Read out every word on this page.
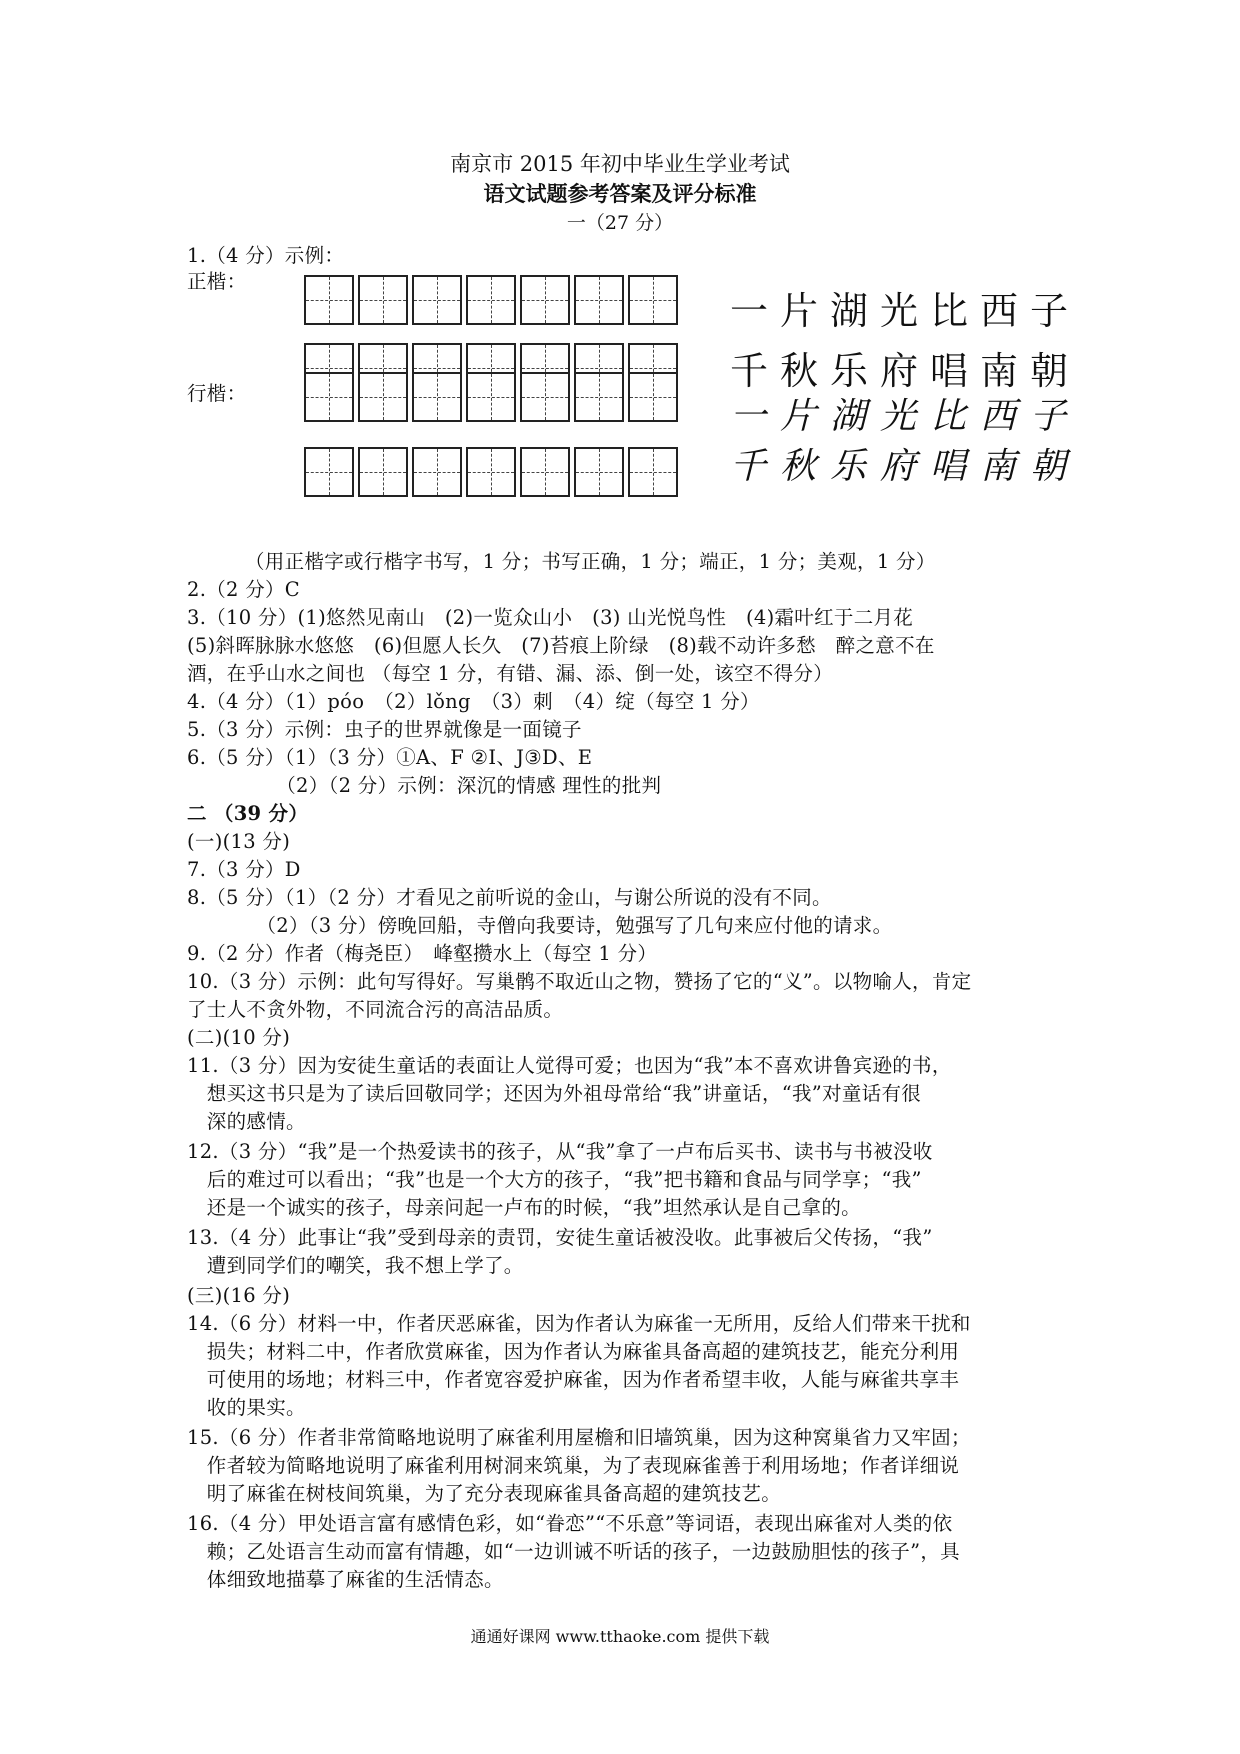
南京市 2015 年初中毕业生学业考试
语文试题参考答案及评分标准
一（27 分）
1.（4 分）示例：
正楷：
行楷：
一片湖光比西子
千秋乐府唱南朝
一片湖光比西子
千秋乐府唱南朝
（用正楷字或行楷字书写，1 分；书写正确，1 分；端正，1 分；美观，1 分）
2.（2 分）C
3.（10 分）(1)悠然见南山　(2)一览众山小　(3) 山光悦鸟性　(4)霜叶红于二月花
(5)斜晖脉脉水悠悠　(6)但愿人长久　(7)苔痕上阶绿　(8)载不动许多愁　醉之意不在
酒，在乎山水之间也 （每空 1 分，有错、漏、添、倒一处，该空不得分）
4.（4 分）（1）póo　（2）lǒng　（3）刺　（4）绽（每空 1 分）
5.（3 分）示例：虫子的世界就像是一面镜子
6.（5 分）（1）（3 分）①A、F ②I、J③D、E
　　　　　（2）（2 分）示例：深沉的情感 理性的批判
二 （39 分）
(一)(13 分)
7.（3 分）D
8.（5 分）（1）（2 分）才看见之前听说的金山，与谢公所说的没有不同。
　　　　（2）（3 分）傍晚回船，寺僧向我要诗，勉强写了几句来应付他的请求。
9.（2 分）作者（梅尧臣）　峰壑攒水上（每空 1 分）
10.（3 分）示例：此句写得好。写巢鹘不取近山之物，赞扬了它的“义”。以物喻人，肯定
了士人不贪外物，不同流合污的高洁品质。
(二)(10 分)
11.（3 分）因为安徒生童话的表面让人觉得可爱；也因为“我”本不喜欢讲鲁宾逊的书，
　想买这书只是为了读后回敬同学；还因为外祖母常给“我”讲童话，“我”对童话有很
　深的感情。
12.（3 分）“我”是一个热爱读书的孩子，从“我”拿了一卢布后买书、读书与书被没收
　后的难过可以看出；“我”也是一个大方的孩子，“我”把书籍和食品与同学享；“我”
　还是一个诚实的孩子，母亲问起一卢布的时候，“我”坦然承认是自己拿的。
13.（4 分）此事让“我”受到母亲的责罚，安徒生童话被没收。此事被后父传扬，“我”
　遭到同学们的嘲笑，我不想上学了。
(三)(16 分)
14.（6 分）材料一中，作者厌恶麻雀，因为作者认为麻雀一无所用，反给人们带来干扰和
　损失；材料二中，作者欣赏麻雀，因为作者认为麻雀具备高超的建筑技艺，能充分利用
　可使用的场地；材料三中，作者宽容爱护麻雀，因为作者希望丰收，人能与麻雀共享丰
　收的果实。
15.（6 分）作者非常简略地说明了麻雀利用屋檐和旧墙筑巢，因为这种窝巢省力又牢固；
　作者较为简略地说明了麻雀利用树洞来筑巢，为了表现麻雀善于利用场地；作者详细说
　明了麻雀在树枝间筑巢，为了充分表现麻雀具备高超的建筑技艺。
16.（4 分）甲处语言富有感情色彩，如“眷恋”“不乐意”等词语，表现出麻雀对人类的依
　赖；乙处语言生动而富有情趣，如“一边训诫不听话的孩子，一边鼓励胆怯的孩子”，具
　体细致地描摹了麻雀的生活情态。
通通好课网 www.tthaoke.com 提供下载
